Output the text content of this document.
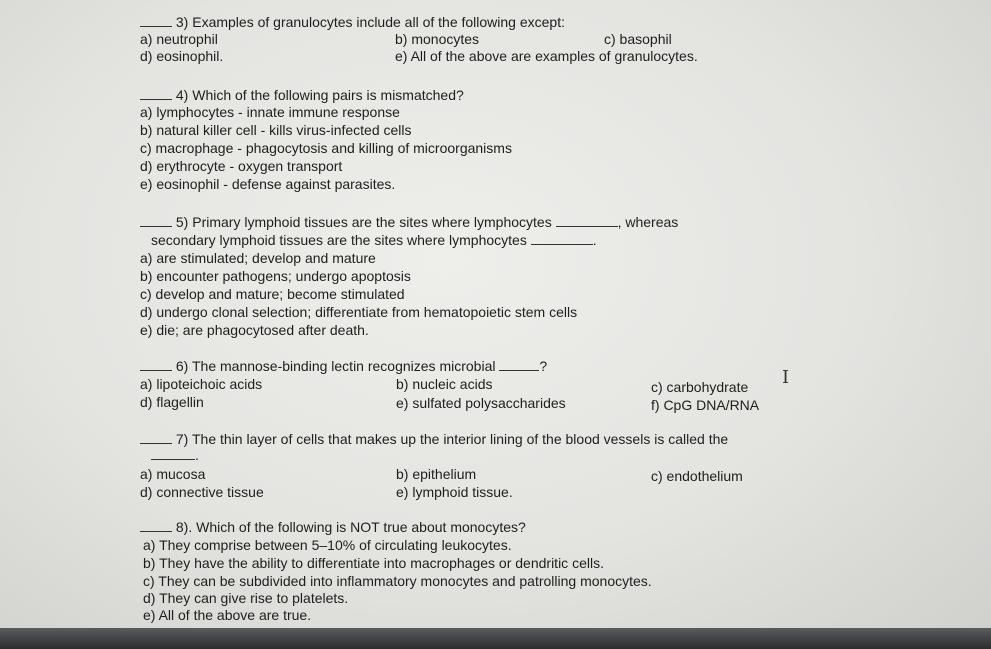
3) Examples of granulocytes include all of the following except:
a) neutrophil	b) monocytes	c) basophil
d) eosinophil.	e) All of the above are examples of granulocytes.
4) Which of the following pairs is mismatched?
a) lymphocytes - innate immune response
b) natural killer cell - kills virus-infected cells
c) macrophage - phagocytosis and killing of microorganisms
d) erythrocyte - oxygen transport
e) eosinophil - defense against parasites.
5) Primary lymphoid tissues are the sites where lymphocytes	, whereas
secondary lymphoid tissues are the sites where lymphocytes	.
a) are stimulated; develop and mature
b) encounter pathogens; undergo apoptosis
c) develop and mature; become stimulated
d) undergo clonal selection; differentiate from hematopoietic stem cells
e) die; are phagocytosed after death.
6) The mannose-binding lectin recognizes microbial	?
a) lipoteichoic acids	b) nucleic acids	c) carbohydrate
d) flagellin	e) sulfated polysaccharides	f) CpG DNA/RNA
7) The thin layer of cells that makes up the interior lining of the blood vessels is called the
.
a) mucosa	b) epithelium	c) endothelium
d) connective tissue	e) lymphoid tissue.
8). Which of the following is NOT true about monocytes?
a) They comprise between 5–10% of circulating leukocytes.
b) They have the ability to differentiate into macrophages or dendritic cells.
c) They can be subdivided into inflammatory monocytes and patrolling monocytes.
d) They can give rise to platelets.
e) All of the above are true.
I
